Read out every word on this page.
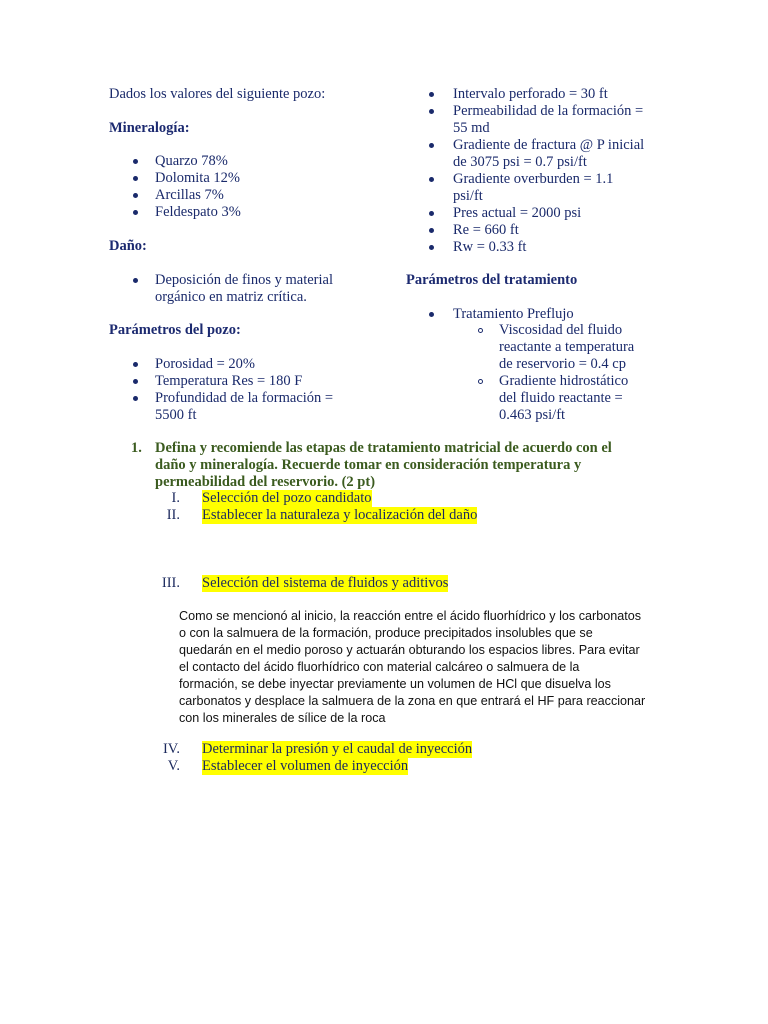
Dados los valores del siguiente pozo:
Mineralogía:
Quarzo 78%
Dolomita 12%
Arcillas 7%
Feldespato 3%
Daño:
Deposición de finos y material
orgánico en matriz crítica.
Parámetros del pozo:
Porosidad = 20%
Temperatura Res = 180 F
Profundidad de la formación =
5500 ft
Intervalo perforado = 30 ft
Permeabilidad de la formación =
55 md
Gradiente de fractura @ P inicial
de 3075 psi = 0.7 psi/ft
Gradiente overburden = 1.1
psi/ft
Pres actual = 2000 psi
Re = 660 ft
Rw = 0.33 ft
Parámetros del tratamiento
Tratamiento Preflujo
Viscosidad del fluido
reactante a temperatura
de reservorio = 0.4 cp
Gradiente hidrostático
del fluido reactante =
0.463 psi/ft
1. Defina y recomiende las etapas de tratamiento matricial de acuerdo con el
daño y mineralogía. Recuerde tomar en consideración temperatura y
permeabilidad del reservorio. (2 pt)
I. Selección del pozo candidato
II. Establecer la naturaleza y localización del daño
III. Selección del sistema de fluidos y aditivos
Como se mencionó al inicio, la reacción entre el ácido fluorhídrico y los carbonatos
o con la salmuera de la formación, produce precipitados insolubles que se
quedarán en el medio poroso y actuarán obturando los espacios libres. Para evitar
el contacto del ácido fluorhídrico con material calcáreo o salmuera de la
formación, se debe inyectar previamente un volumen de HCl que disuelva los
carbonatos y desplace la salmuera de la zona en que entrará el HF para reaccionar
con los minerales de sílice de la roca
IV. Determinar la presión y el caudal de inyección
V. Establecer el volumen de inyección
